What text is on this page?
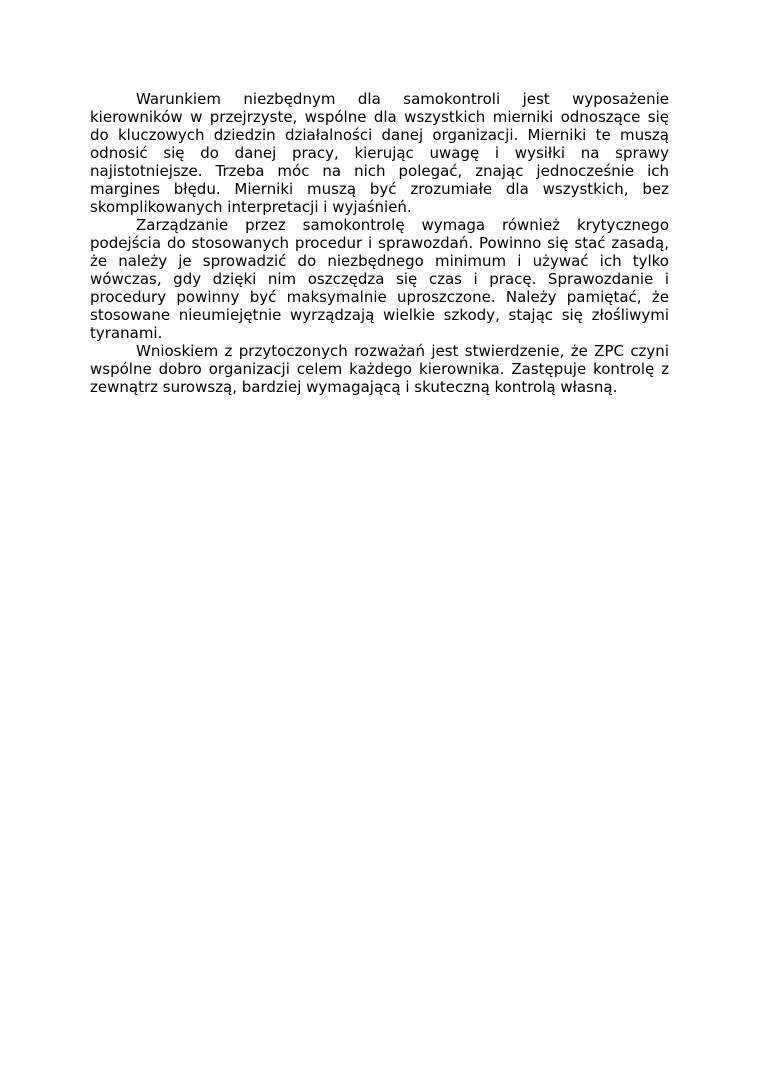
Warunkiem niezbędnym dla samokontroli jest wyposażenie kierowników w przejrzyste, wspólne dla wszystkich mierniki odnoszące się do kluczowych dziedzin działalności danej organizacji. Mierniki te muszą odnosić się do danej pracy, kierując uwagę i wysiłki na sprawy najistotniejsze. Trzeba móc na nich polegać, znając jednocześnie ich margines błędu. Mierniki muszą być zrozumiałe dla wszystkich, bez skomplikowanych interpretacji i wyjaśnień.

Zarządzanie przez samokontrolę wymaga również krytycznego podejścia do stosowanych procedur i sprawozdań. Powinno się stać zasadą, że należy je sprowadzić do niezbędnego minimum i używać ich tylko wówczas, gdy dzięki nim oszczędza się czas i pracę. Sprawozdanie i procedury powinny być maksymalnie uproszczone. Należy pamiętać, że stosowane nieumiejętnie wyrządzają wielkie szkody, stając się złośliwymi tyranami.

Wnioskiem z przytoczonych rozważań jest stwierdzenie, że ZPC czyni wspólne dobro organizacji celem każdego kierownika. Zastępuje kontrolę z zewnątrz surowszą, bardziej wymagającą i skuteczną kontrolą własną.
